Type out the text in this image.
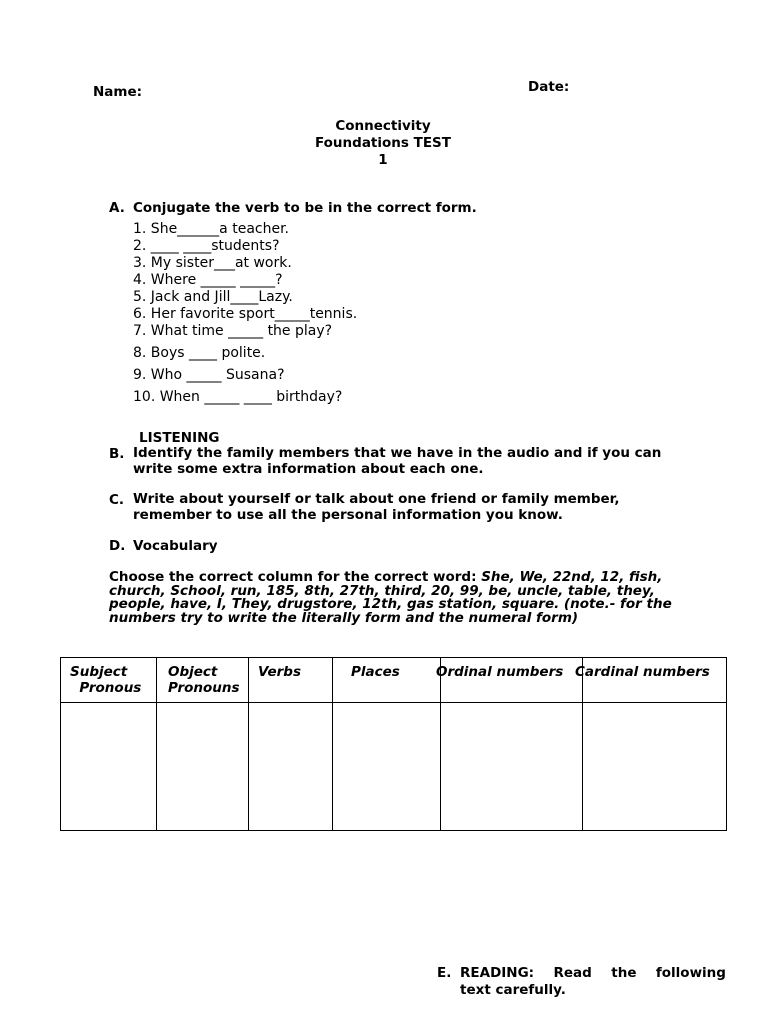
Name:	Date:
Connectivity
Foundations TEST
1
A. Conjugate the verb to be in the correct form.
1. She______a teacher.
2. ____ ____students?
3. My sister___at work.
4. Where _____ _____?
5. Jack and Jill____Lazy.
6. Her favorite sport_____tennis.
7. What time _____ the play?
8. Boys ____ polite.
9. Who _____ Susana?
10. When _____ ____ birthday?
LISTENING
B. Identify the family members that we have in the audio and if you can write some extra information about each one.
C. Write about yourself or talk about one friend or family member, remember to use all the personal information you know.
D. Vocabulary
Choose the correct column for the correct word: She, We, 22nd, 12, fish, church, School, run, 185, 8th, 27th, third, 20, 99, be, uncle, table, they, people, have, I, They, drugstore, 12th, gas station, square. (note.- for the numbers try to write the literally form and the numeral form)
Subject
Pronous	Object
Pronouns	Verbs	Places	Ordinal numbers	Cardinal numbers

E. READING: Read the following
text carefully.
